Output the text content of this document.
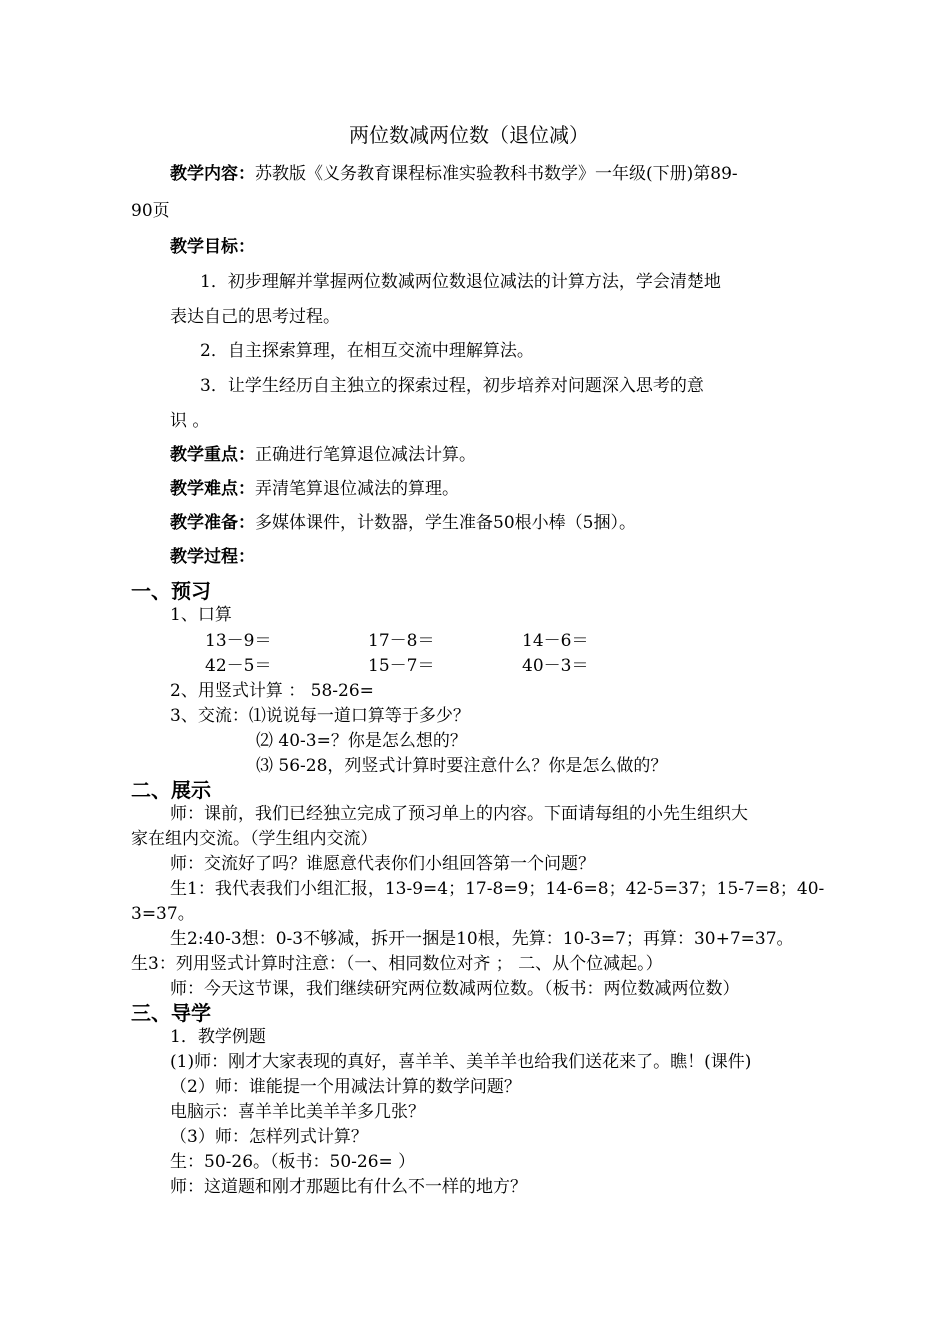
两位数减两位数（退位减）
教学内容：苏教版《义务教育课程标准实验教科书数学》一年级(下册)第89-
90页
教学目标：
1．初步理解并掌握两位数减两位数退位减法的计算方法，学会清楚地
表达自己的思考过程。
2．自主探索算理，在相互交流中理解算法。
3．让学生经历自主独立的探索过程，初步培养对问题深入思考的意
识 。
教学重点：正确进行笔算退位减法计算。
教学难点：弄清笔算退位减法的算理。
教学准备：多媒体课件，计数器，学生准备50根小棒（5捆）。
教学过程：
一、预习
1、口算
13－9＝	17－8＝	14－6＝
42－5＝	15－7＝	40－3＝
2、用竖式计算 ： 58-26=
3、交流：⑴说说每一道口算等于多少？
⑵ 40-3=？你是怎么想的？
⑶ 56-28，列竖式计算时要注意什么？你是怎么做的？
二、展示
师：课前，我们已经独立完成了预习单上的内容。下面请每组的小先生组织大
家在组内交流。（学生组内交流）
师：交流好了吗？谁愿意代表你们小组回答第一个问题？
生1：我代表我们小组汇报，13-9=4；17-8=9；14-6=8；42-5=37；15-7=8；40-
3=37。
生2:40-3想：0-3不够减，拆开一捆是10根，先算：10-3=7；再算：30+7=37。
生3：列用竖式计算时注意：（一、相同数位对齐 ； 二、从个位减起。）
师：今天这节课，我们继续研究两位数减两位数。（板书：两位数减两位数）
三、导学
1．教学例题
(1)师：刚才大家表现的真好，喜羊羊、美羊羊也给我们送花来了。瞧！(课件)
（2）师：谁能提一个用减法计算的数学问题？
电脑示：喜羊羊比美羊羊多几张？
（3）师：怎样列式计算？
生：50-26。（板书：50-26= ）
师：这道题和刚才那题比有什么不一样的地方？
